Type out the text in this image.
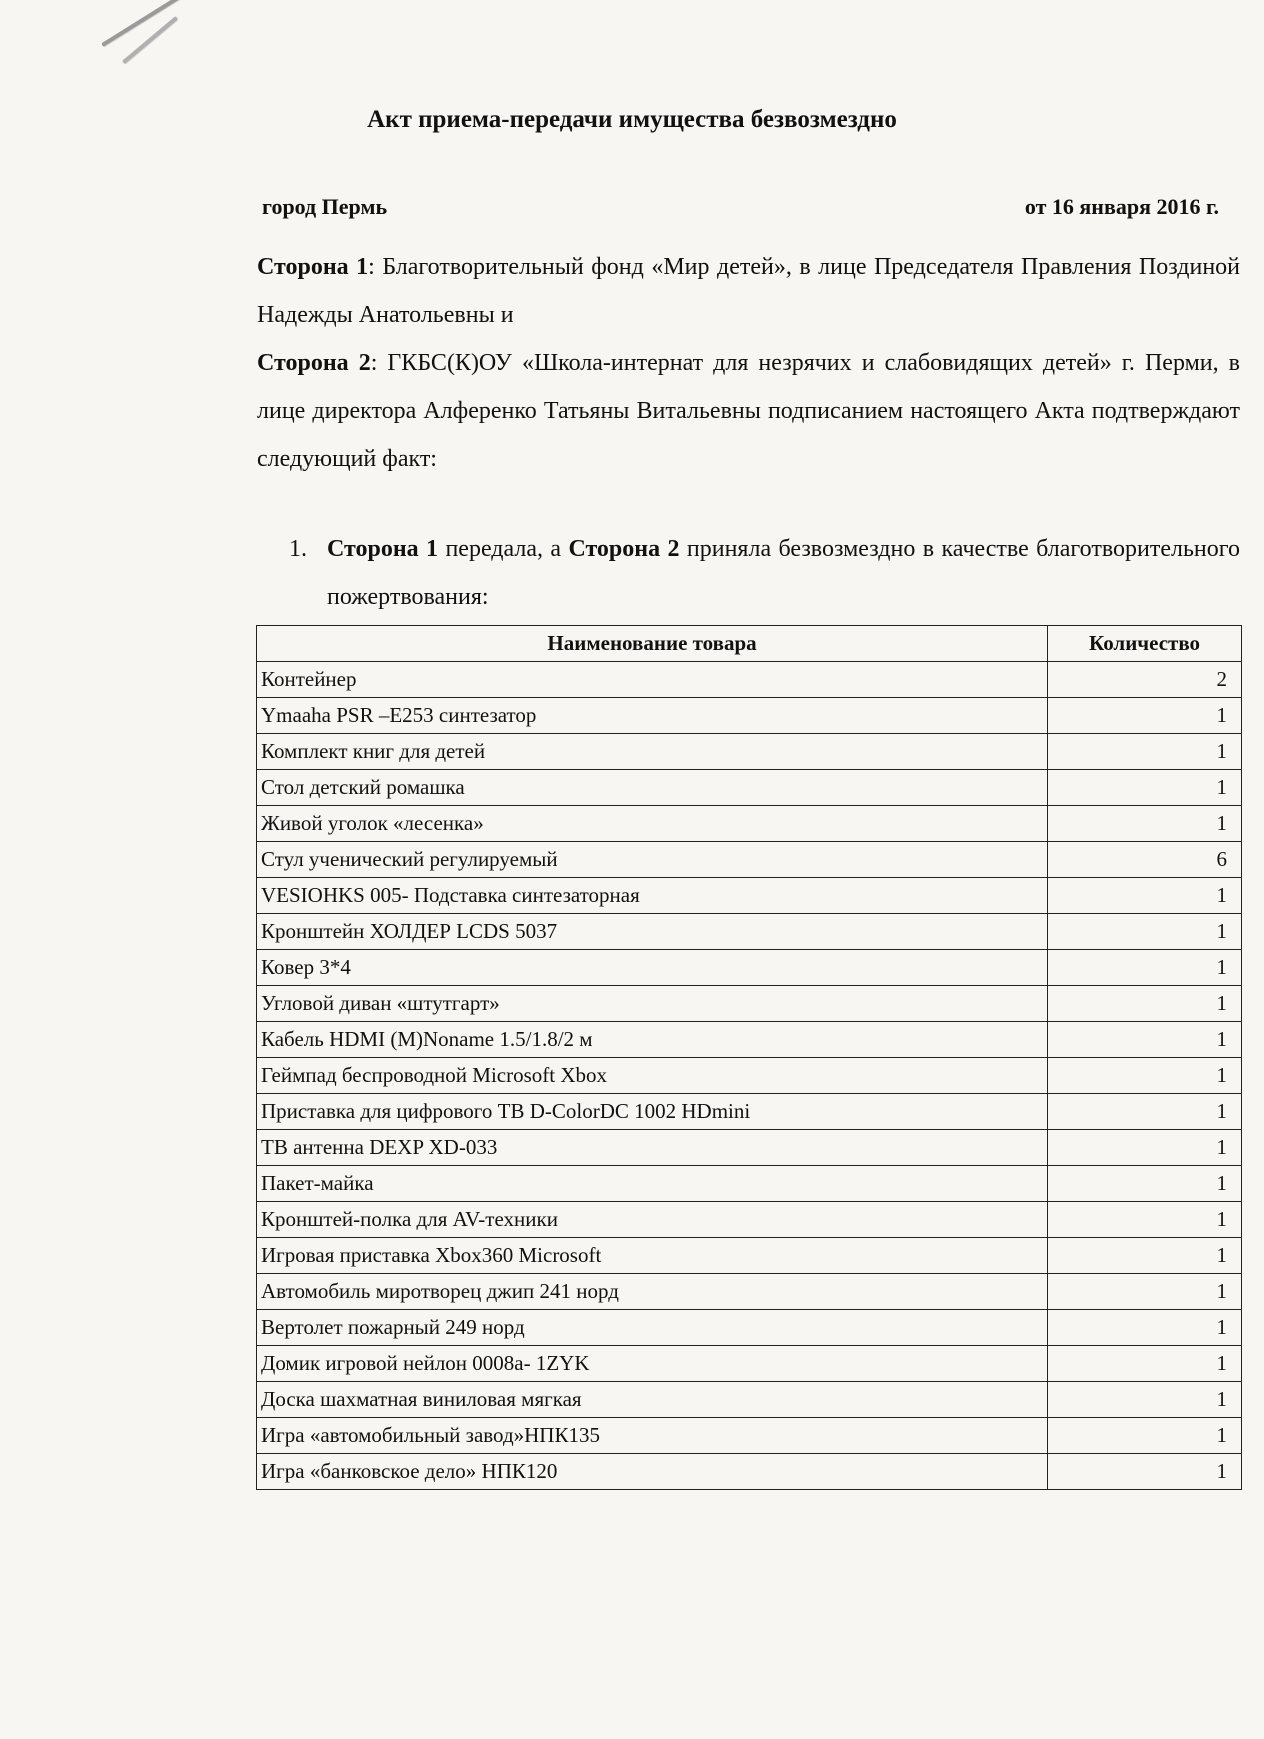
Акт приема-передачи имущества безвозмездно
город Пермь	от 16 января 2016 г.
Сторона 1: Благотворительный фонд «Мир детей», в лице Председателя Правления Поздиной Надежды Анатольевны и
Сторона 2: ГКБС(К)ОУ «Школа-интернат для незрячих и слабовидящих детей» г. Перми, в лице директора Алференко Татьяны Витальевны подписанием настоящего Акта подтверждают следующий факт:
1. Сторона 1 передала, а Сторона 2 приняла безвозмездно в качестве благотворительного пожертвования:
Наименование товара	Количество
Контейнер	2
Ymaaha PSR –E253 синтезатор	1
Комплект книг для детей	1
Стол детский ромашка	1
Живой уголок «лесенка»	1
Стул ученический регулируемый	6
VESIOHKS 005- Подставка синтезаторная	1
Кронштейн ХОЛДЕР LCDS 5037	1
Ковер 3*4	1
Угловой диван «штутгарт»	1
Кабель HDMI (M)Noname 1.5/1.8/2 м	1
Геймпад беспроводной Microsoft Xbox	1
Приставка для цифрового ТВ D-ColorDC 1002 HDmini	1
ТВ антенна DEXP XD-033	1
Пакет-майка	1
Кронштей-полка для AV-техники	1
Игровая приставка Xbox360 Microsoft	1
Автомобиль миротворец джип 241 норд	1
Вертолет пожарный 249 норд	1
Домик игровой нейлон 0008а- 1ZYK	1
Доска шахматная виниловая мягкая	1
Игра «автомобильный завод»НПК135	1
Игра «банковское дело» НПК120	1
